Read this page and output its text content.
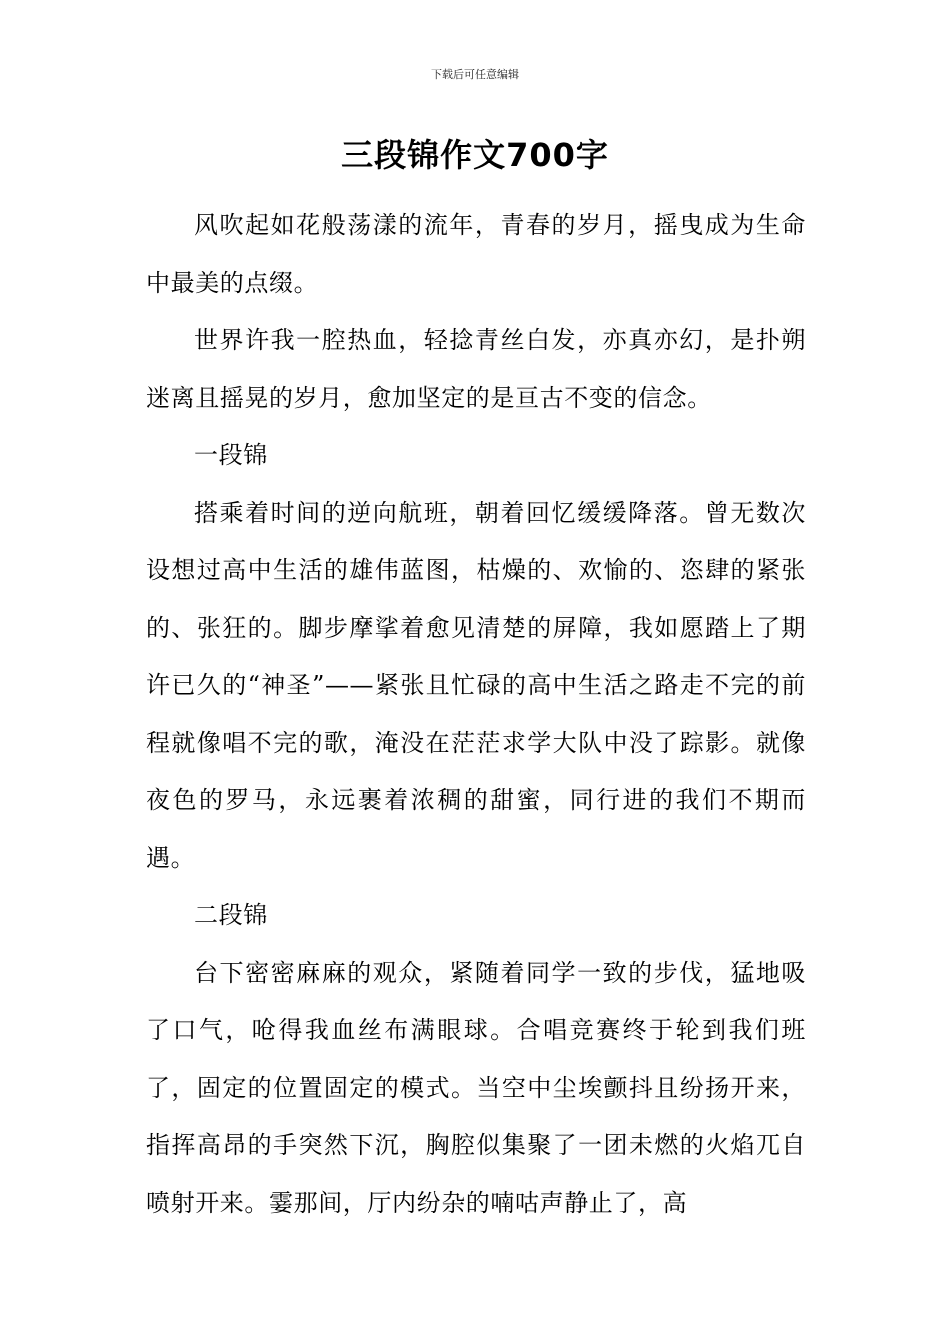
下载后可任意编辑
三段锦作文700字

风吹起如花般荡漾的流年，青春的岁月，摇曳成为生命中最美的点缀。

世界许我一腔热血，轻捻青丝白发，亦真亦幻，是扑朔迷离且摇晃的岁月，愈加坚定的是亘古不变的信念。

一段锦

搭乘着时间的逆向航班，朝着回忆缓缓降落。曾无数次设想过高中生活的雄伟蓝图，枯燥的、欢愉的、恣肆的紧张的、张狂的。脚步摩挲着愈见清楚的屏障，我如愿踏上了期许已久的“神圣”——紧张且忙碌的高中生活之路走不完的前程就像唱不完的歌，淹没在茫茫求学大队中没了踪影。就像夜色的罗马，永远裹着浓稠的甜蜜，同行进的我们不期而遇。

二段锦

台下密密麻麻的观众，紧随着同学一致的步伐，猛地吸了口气，呛得我血丝布满眼球。合唱竞赛终于轮到我们班了，固定的位置固定的模式。当空中尘埃颤抖且纷扬开来，指挥高昂的手突然下沉，胸腔似集聚了一团未燃的火焰兀自喷射开来。霎那间，厅内纷杂的喃咕声静止了，高
